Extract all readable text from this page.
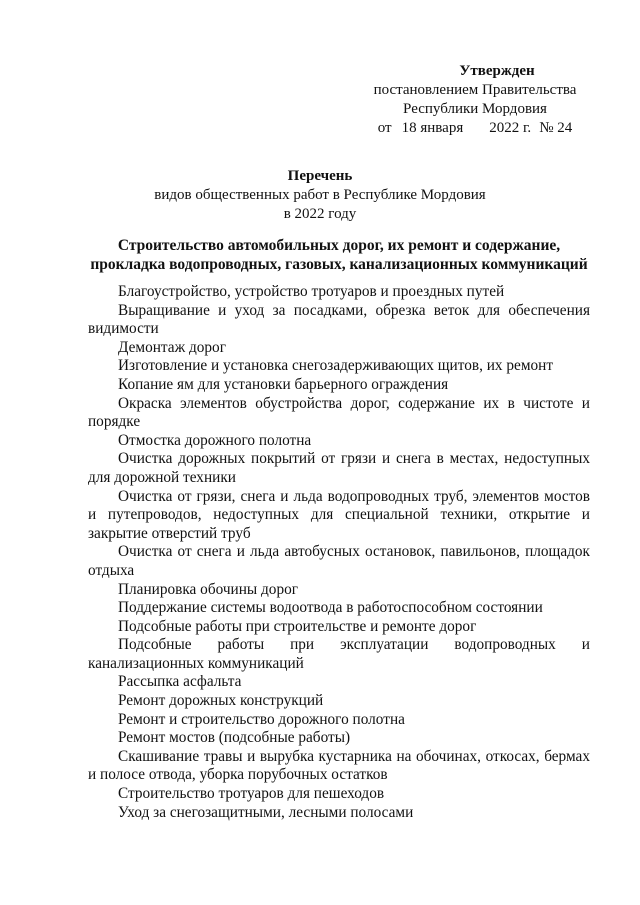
Утвержден
постановлением Правительства
Республики Мордовия
от 18 января 2022 г. № 24
Перечень
видов общественных работ в Республике Мордовия
в 2022 году
Строительство автомобильных дорог, их ремонт и содержание, прокладка водопроводных, газовых, канализационных коммуникаций
Благоустройство, устройство тротуаров и проездных путей
Выращивание и уход за посадками, обрезка веток для обеспечения видимости
Демонтаж дорог
Изготовление и установка снегозадерживающих щитов, их ремонт
Копание ям для установки барьерного ограждения
Окраска элементов обустройства дорог, содержание их в чистоте и порядке
Отмостка дорожного полотна
Очистка дорожных покрытий от грязи и снега в местах, недоступных для дорожной техники
Очистка от грязи, снега и льда водопроводных труб, элементов мостов и путепроводов, недоступных для специальной техники, открытие и закрытие отверстий труб
Очистка от снега и льда автобусных остановок, павильонов, площадок отдыха
Планировка обочины дорог
Поддержание системы водоотвода в работоспособном состоянии
Подсобные работы при строительстве и ремонте дорог
Подсобные работы при эксплуатации водопроводных и канализационных коммуникаций
Рассыпка асфальта
Ремонт дорожных конструкций
Ремонт и строительство дорожного полотна
Ремонт мостов (подсобные работы)
Скашивание травы и вырубка кустарника на обочинах, откосах, бермах и полосе отвода, уборка порубочных остатков
Строительство тротуаров для пешеходов
Уход за снегозащитными, лесными полосами
